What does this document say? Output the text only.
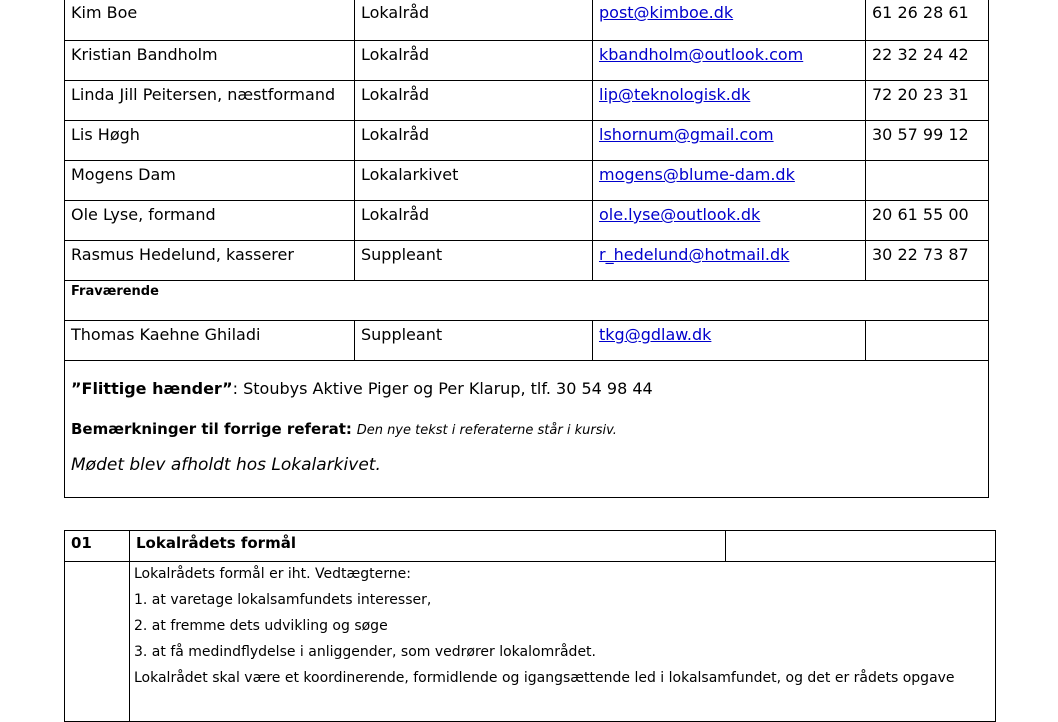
Kim Boe	Lokalråd	post@kimboe.dk	61 26 28 61
Kristian Bandholm	Lokalråd	kbandholm@outlook.com	22 32 24 42
Linda Jill Peitersen, næstformand	Lokalråd	lip@teknologisk.dk	72 20 23 31
Lis Høgh	Lokalråd	lshornum@gmail.com	30 57 99 12
Mogens Dam	Lokalarkivet	mogens@blume-dam.dk	
Ole Lyse, formand	Lokalråd	ole.lyse@outlook.dk	20 61 55 00
Rasmus Hedelund, kasserer	Suppleant	r_hedelund@hotmail.dk	30 22 73 87
Fraværende			
Thomas Kaehne Ghiladi	Suppleant	tkg@gdlaw.dk	

”Flittige hænder”: Stoubys Aktive Piger og Per Klarup, tlf. 30 54 98 44

Bemærkninger til forrige referat: Den nye tekst i referaterne står i kursiv.

Mødet blev afholdt hos Lokalarkivet.			

01	Lokalrådets formål	

	Lokalrådets formål er iht. Vedtægterne:

1. at varetage lokalsamfundets interesser,

2. at fremme dets udvikling og søge

3. at få medindflydelse i anliggender, som vedrører lokalområdet.

Lokalrådet skal være et koordinerende, formidlende og igangsættende led i lokalsamfundet, og det er rådets opgave	
